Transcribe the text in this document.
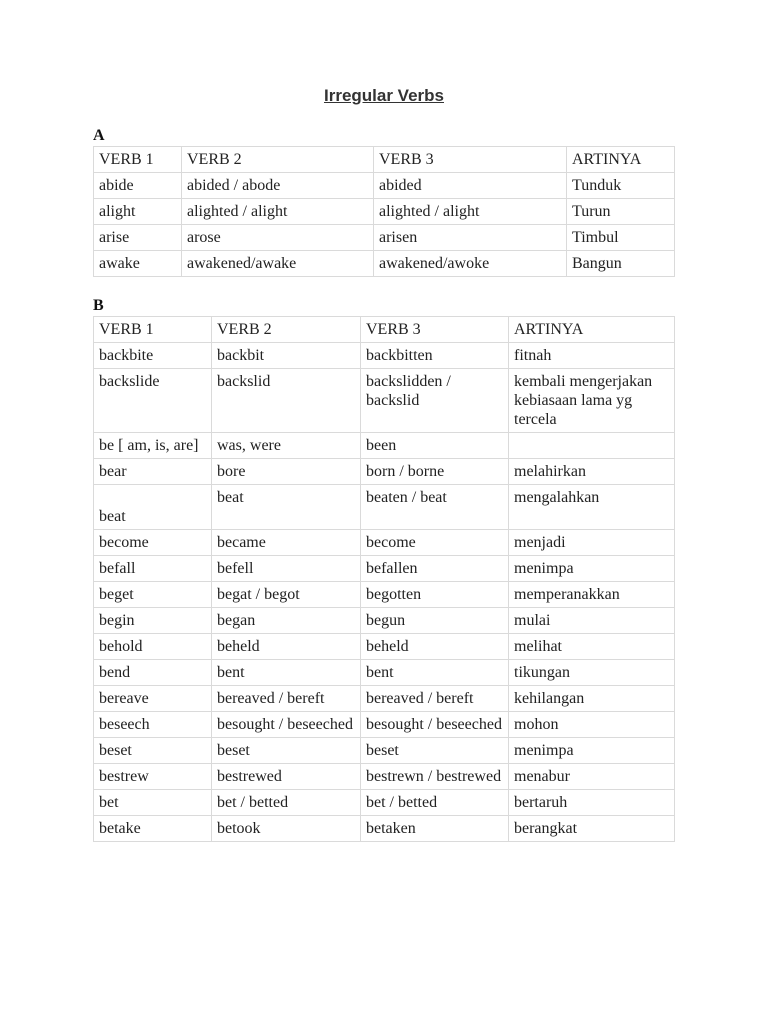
Irregular Verbs
A
VERB 1	VERB 2	VERB 3	ARTINYA
abide	abided / abode	abided	Tunduk
alight	alighted / alight	alighted / alight	Turun
arise	arose	arisen	Timbul
awake	awakened/awake	awakened/awoke	Bangun
B
VERB 1	VERB 2	VERB 3	ARTINYA
backbite	backbit	backbitten	fitnah
backslide	backslid	backslidden / backslid	kembali mengerjakan kebiasaan lama yg tercela
be [ am, is, are]	was, were	been	
bear	bore	born / borne	melahirkan
beat	beat	beaten / beat	mengalahkan
become	became	become	menjadi
befall	befell	befallen	menimpa
beget	begat / begot	begotten	memperanakkan
begin	began	begun	mulai
behold	beheld	beheld	melihat
bend	bent	bent	tikungan
bereave	bereaved / bereft	bereaved / bereft	kehilangan
beseech	besought / beseeched	besought / beseeched	mohon
beset	beset	beset	menimpa
bestrew	bestrewed	bestrewn / bestrewed	menabur
bet	bet / betted	bet / betted	bertaruh
betake	betook	betaken	berangkat
